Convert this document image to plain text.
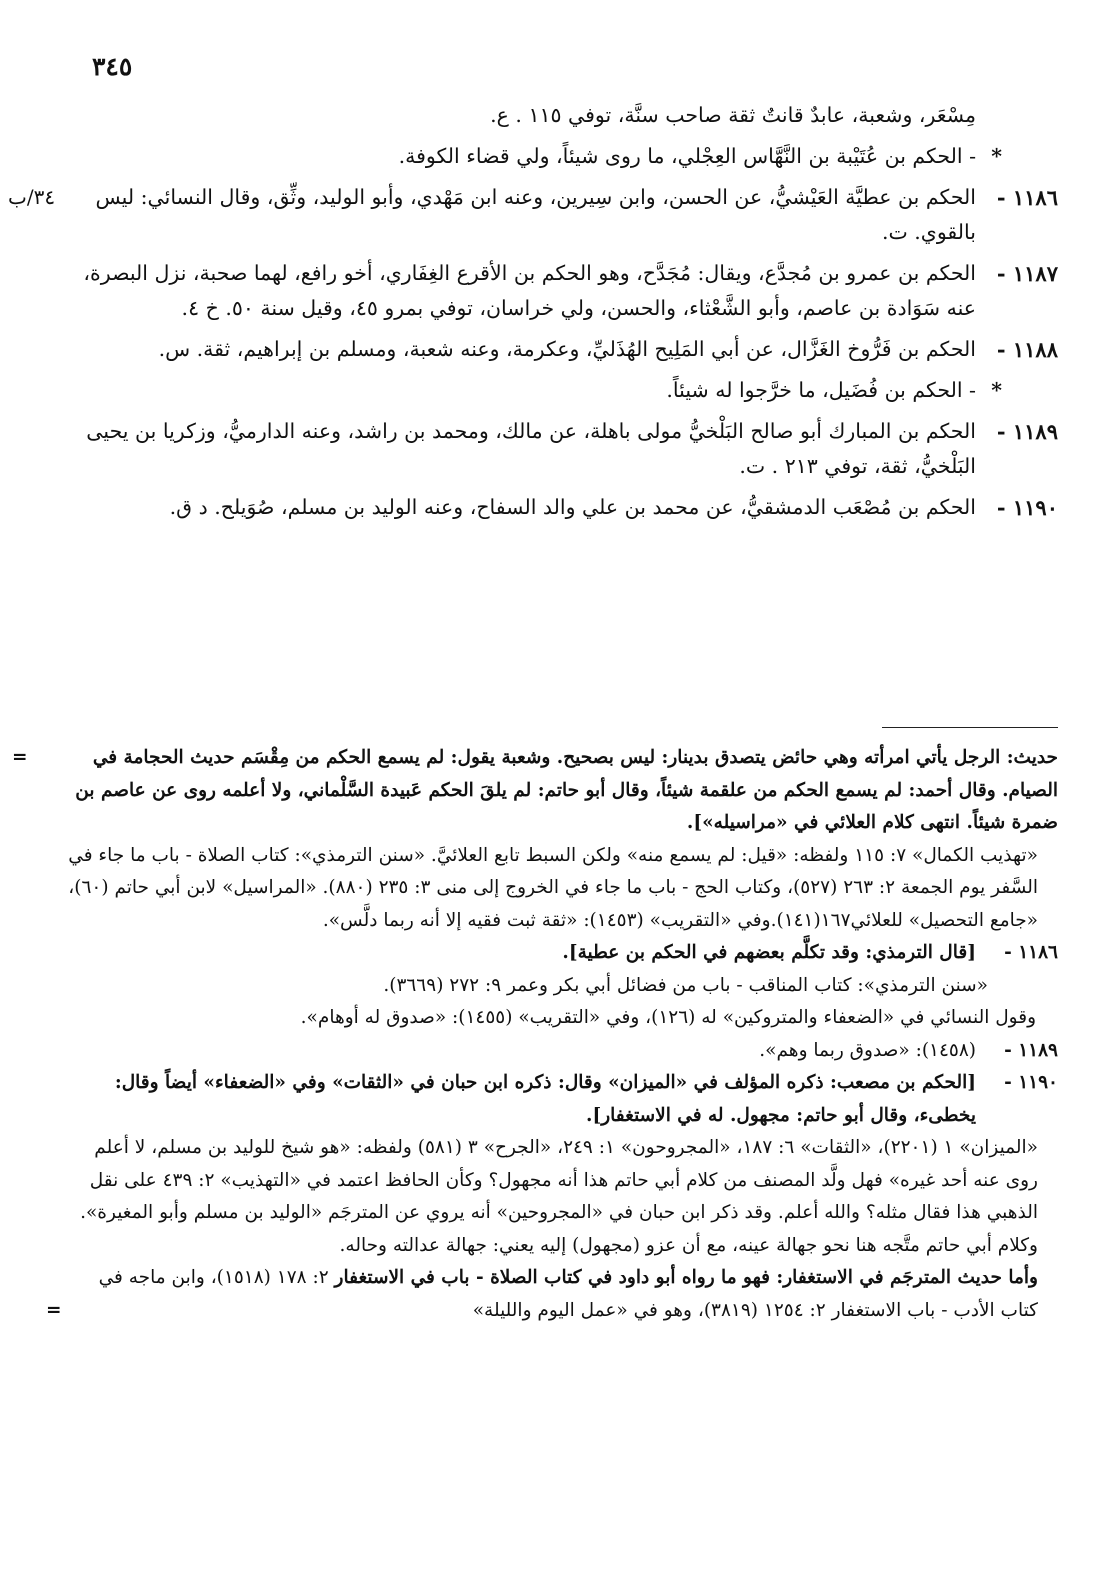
٣٤٥
مِسْعَر، وشعبة، عابدٌ قانتٌ ثقة صاحب سنَّة، توفي ١١٥ . ع.
*
- الحكم بن عُتَيْبة بن النَّهَّاس العِجْلي، ما روى شيئاً، ولي قضاء الكوفة.
١١٨٦ -
٣٤/ب الحكم بن عطيَّة العَيْشيُّ، عن الحسن، وابن سِيرين، وعنه ابن مَهْدي، وأبو الوليد، وثِّق، وقال النسائي: ليس بالقوي. ت.
١١٨٧ -
الحكم بن عمرو بن مُجدَّع، ويقال: مُجَدَّح، وهو الحكم بن الأقرع الغِفَاري، أخو رافع، لهما صحبة، نزل البصرة، عنه سَوَادة بن عاصم، وأبو الشَّعْثاء، والحسن، ولي خراسان، توفي بمرو ٤٥، وقيل سنة ٥٠. خ ٤.
١١٨٨ -
الحكم بن فَرُّوخ الغَزَّال، عن أبي المَلِيح الهُذَليِّ، وعكرمة، وعنه شعبة، ومسلم بن إبراهيم، ثقة. س.
*
- الحكم بن فُضَيل، ما خرَّجوا له شيئاً.
١١٨٩ -
الحكم بن المبارك أبو صالح البَلْخيُّ مولى باهلة، عن مالك، ومحمد بن راشد، وعنه الدارميُّ، وزكريا بن يحيى البَلْخيُّ، ثقة، توفي ٢١٣ . ت.
١١٩٠ -
الحكم بن مُصْعَب الدمشقيُّ، عن محمد بن علي والد السفاح، وعنه الوليد بن مسلم، صُوَيلح. د ق.
=	حديث: الرجل يأتي امرأته وهي حائض يتصدق بدينار: ليس بصحيح. وشعبة يقول: لم يسمع الحكم من مِقْسَم حديث الحجامة في الصيام. وقال أحمد: لم يسمع الحكم من علقمة شيئاً، وقال أبو حاتم: لم يلقَ الحكم عَبيدة السَّلْماني، ولا أعلمه روى عن عاصم بن ضمرة شيئاً. انتهى كلام العلائي في «مراسيله»].
«تهذيب الكمال» ٧: ١١٥ ولفظه: «قيل: لم يسمع منه» ولكن السبط تابع العلائيَّ. «سنن الترمذي»: كتاب الصلاة - باب ما جاء في السَّفر يوم الجمعة ٢: ٢٦٣ (٥٢٧)، وكتاب الحج - باب ما جاء في الخروج إلى منى ٣: ٢٣٥ (٨٨٠). «المراسيل» لابن أبي حاتم (٦٠)، «جامع التحصيل» للعلائي١٦٧(١٤١).وفي «التقريب» (١٤٥٣): «ثقة ثبت فقيه إلا أنه ربما دلَّس».
١١٨٦ -
[قال الترمذي: وقد تكلَّم بعضهم في الحكم بن عطية].
«سنن الترمذي»: كتاب المناقب - باب من فضائل أبي بكر وعمر ٩: ٢٧٢ (٣٦٦٩).
وقول النسائي في «الضعفاء والمتروكين» له (١٢٦)، وفي «التقريب» (١٤٥٥): «صدوق له أوهام».
١١٨٩ -
(١٤٥٨): «صدوق ربما وهم».
١١٩٠ -
[الحكم بن مصعب: ذكره المؤلف في «الميزان» وقال: ذكره ابن حبان في «الثقات» وفي «الضعفاء» أيضاً وقال: يخطىء، وقال أبو حاتم: مجهول. له في الاستغفار].
«الميزان» ١ (٢٢٠١)، «الثقات» ٦: ١٨٧، «المجروحون» ١: ٢٤٩، «الجرح» ٣ (٥٨١) ولفظه: «هو شيخ للوليد بن مسلم، لا أعلم روى عنه أحد غيره» فهل ولَّد المصنف من كلام أبي حاتم هذا أنه مجهول؟ وكأن الحافظ اعتمد في «التهذيب» ٢: ٤٣٩ على نقل الذهبي هذا فقال مثله؟ والله أعلم. وقد ذكر ابن حبان في «المجروحين» أنه يروي عن المترجَم «الوليد بن مسلم وأبو المغيرة». وكلام أبي حاتم متَّجه هنا نحو جهالة عينه، مع أن عزو (مجهول) إليه يعني: جهالة عدالته وحاله.
وأما حديث المترجَم في الاستغفار: فهو ما رواه أبو داود في كتاب الصلاة - باب في الاستغفار ٢: ١٧٨ (١٥١٨)، وابن ماجه في كتاب الأدب - باب الاستغفار ٢: ١٢٥٤ (٣٨١٩)، وهو في «عمل اليوم والليلة»
=
